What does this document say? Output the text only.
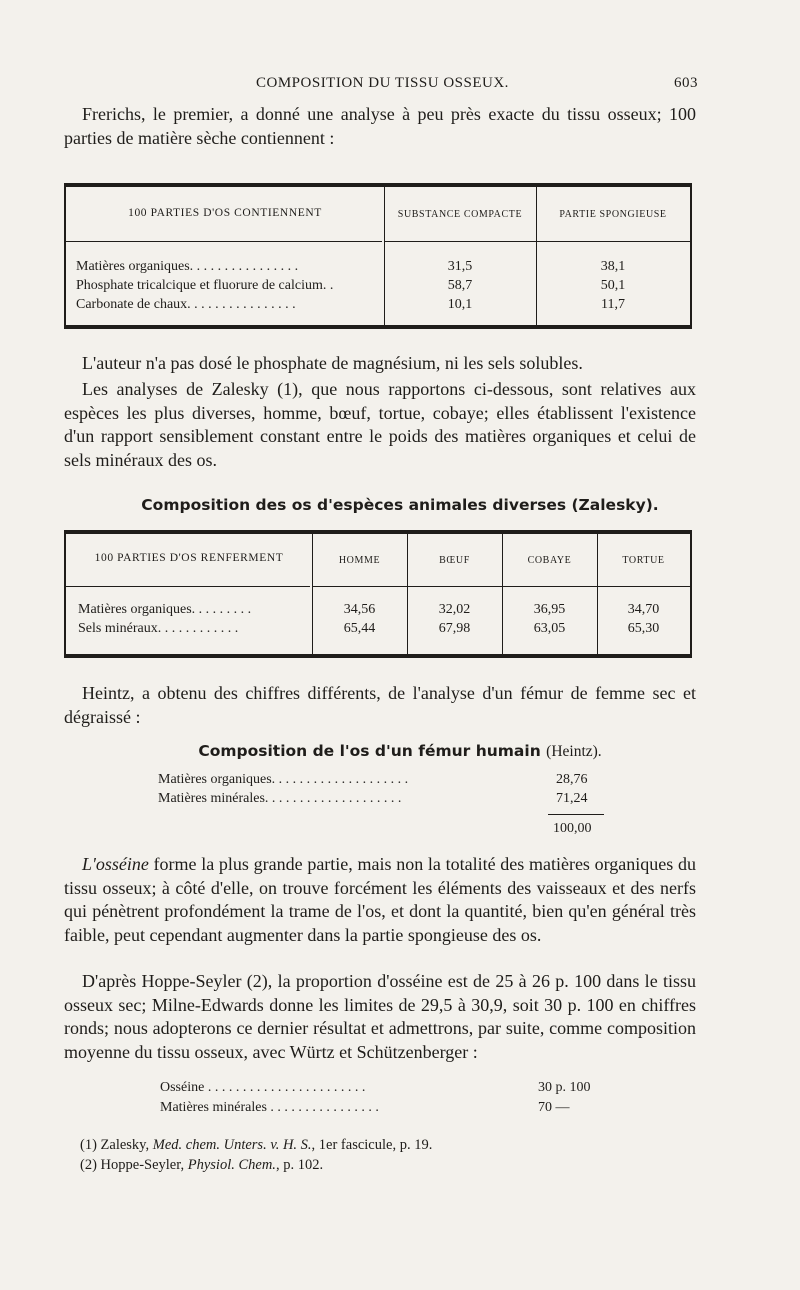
COMPOSITION DU TISSU OSSEUX.	603

Frerichs, le premier, a donné une analyse à peu près exacte du tissu osseux; 100 parties de matière sèche contiennent :

100 PARTIES D'OS CONTIENNENT	SUBSTANCE COMPACTE	PARTIE SPONGIEUSE
Matières organiques. . . . . . . . . . . . . . . .	31,5	38,1
Phosphate tricalcique et fluorure de calcium. .	58,7	50,1
Carbonate de chaux. . . . . . . . . . . . . . . .	10,1	11,7

L'auteur n'a pas dosé le phosphate de magnésium, ni les sels solubles.

Les analyses de Zalesky (1), que nous rapportons ci-dessous, sont relatives aux espèces les plus diverses, homme, bœuf, tortue, cobaye; elles établissent l'existence d'un rapport sensiblement constant entre le poids des matières organiques et celui de sels minéraux des os.

Composition des os d'espèces animales diverses (Zalesky).
100 PARTIES D'OS RENFERMENT	HOMME	BŒUF	COBAYE	TORTUE
Matières organiques. . . . . . . . .	34,56	32,02	36,95	34,70
Sels minéraux. . . . . . . . . . . .	65,44	67,98	63,05	65,30

Heintz, a obtenu des chiffres différents, de l'analyse d'un fémur de femme sec et dégraissé :

Composition de l'os d'un fémur humain (Heintz).
Matières organiques. . . . . . . . . . . . . . . . . . . .	28,76
Matières minérales. . . . . . . . . . . . . . . . . . . .	71,24
100,00

L'osséine forme la plus grande partie, mais non la totalité des matières organiques du tissu osseux; à côté d'elle, on trouve forcément les éléments des vaisseaux et des nerfs qui pénètrent profondément la trame de l'os, et dont la quantité, bien qu'en général très faible, peut cependant augmenter dans la partie spongieuse des os.

D'après Hoppe-Seyler (2), la proportion d'osséine est de 25 à 26 p. 100 dans le tissu osseux sec; Milne-Edwards donne les limites de 29,5 à 30,9, soit 30 p. 100 en chiffres ronds; nous adopterons ce dernier résultat et admettrons, par suite, comme composition moyenne du tissu osseux, avec Würtz et Schützenberger :

Osséine . . . . . . . . . . . . . . . . . . . . . . .	30 p. 100
Matières minérales . . . . . . . . . . . . . . . .	70 —
(1) Zalesky, Med. chem. Unters. v. H. S., 1er fascicule, p. 19.
(2) Hoppe-Seyler, Physiol. Chem., p. 102.
